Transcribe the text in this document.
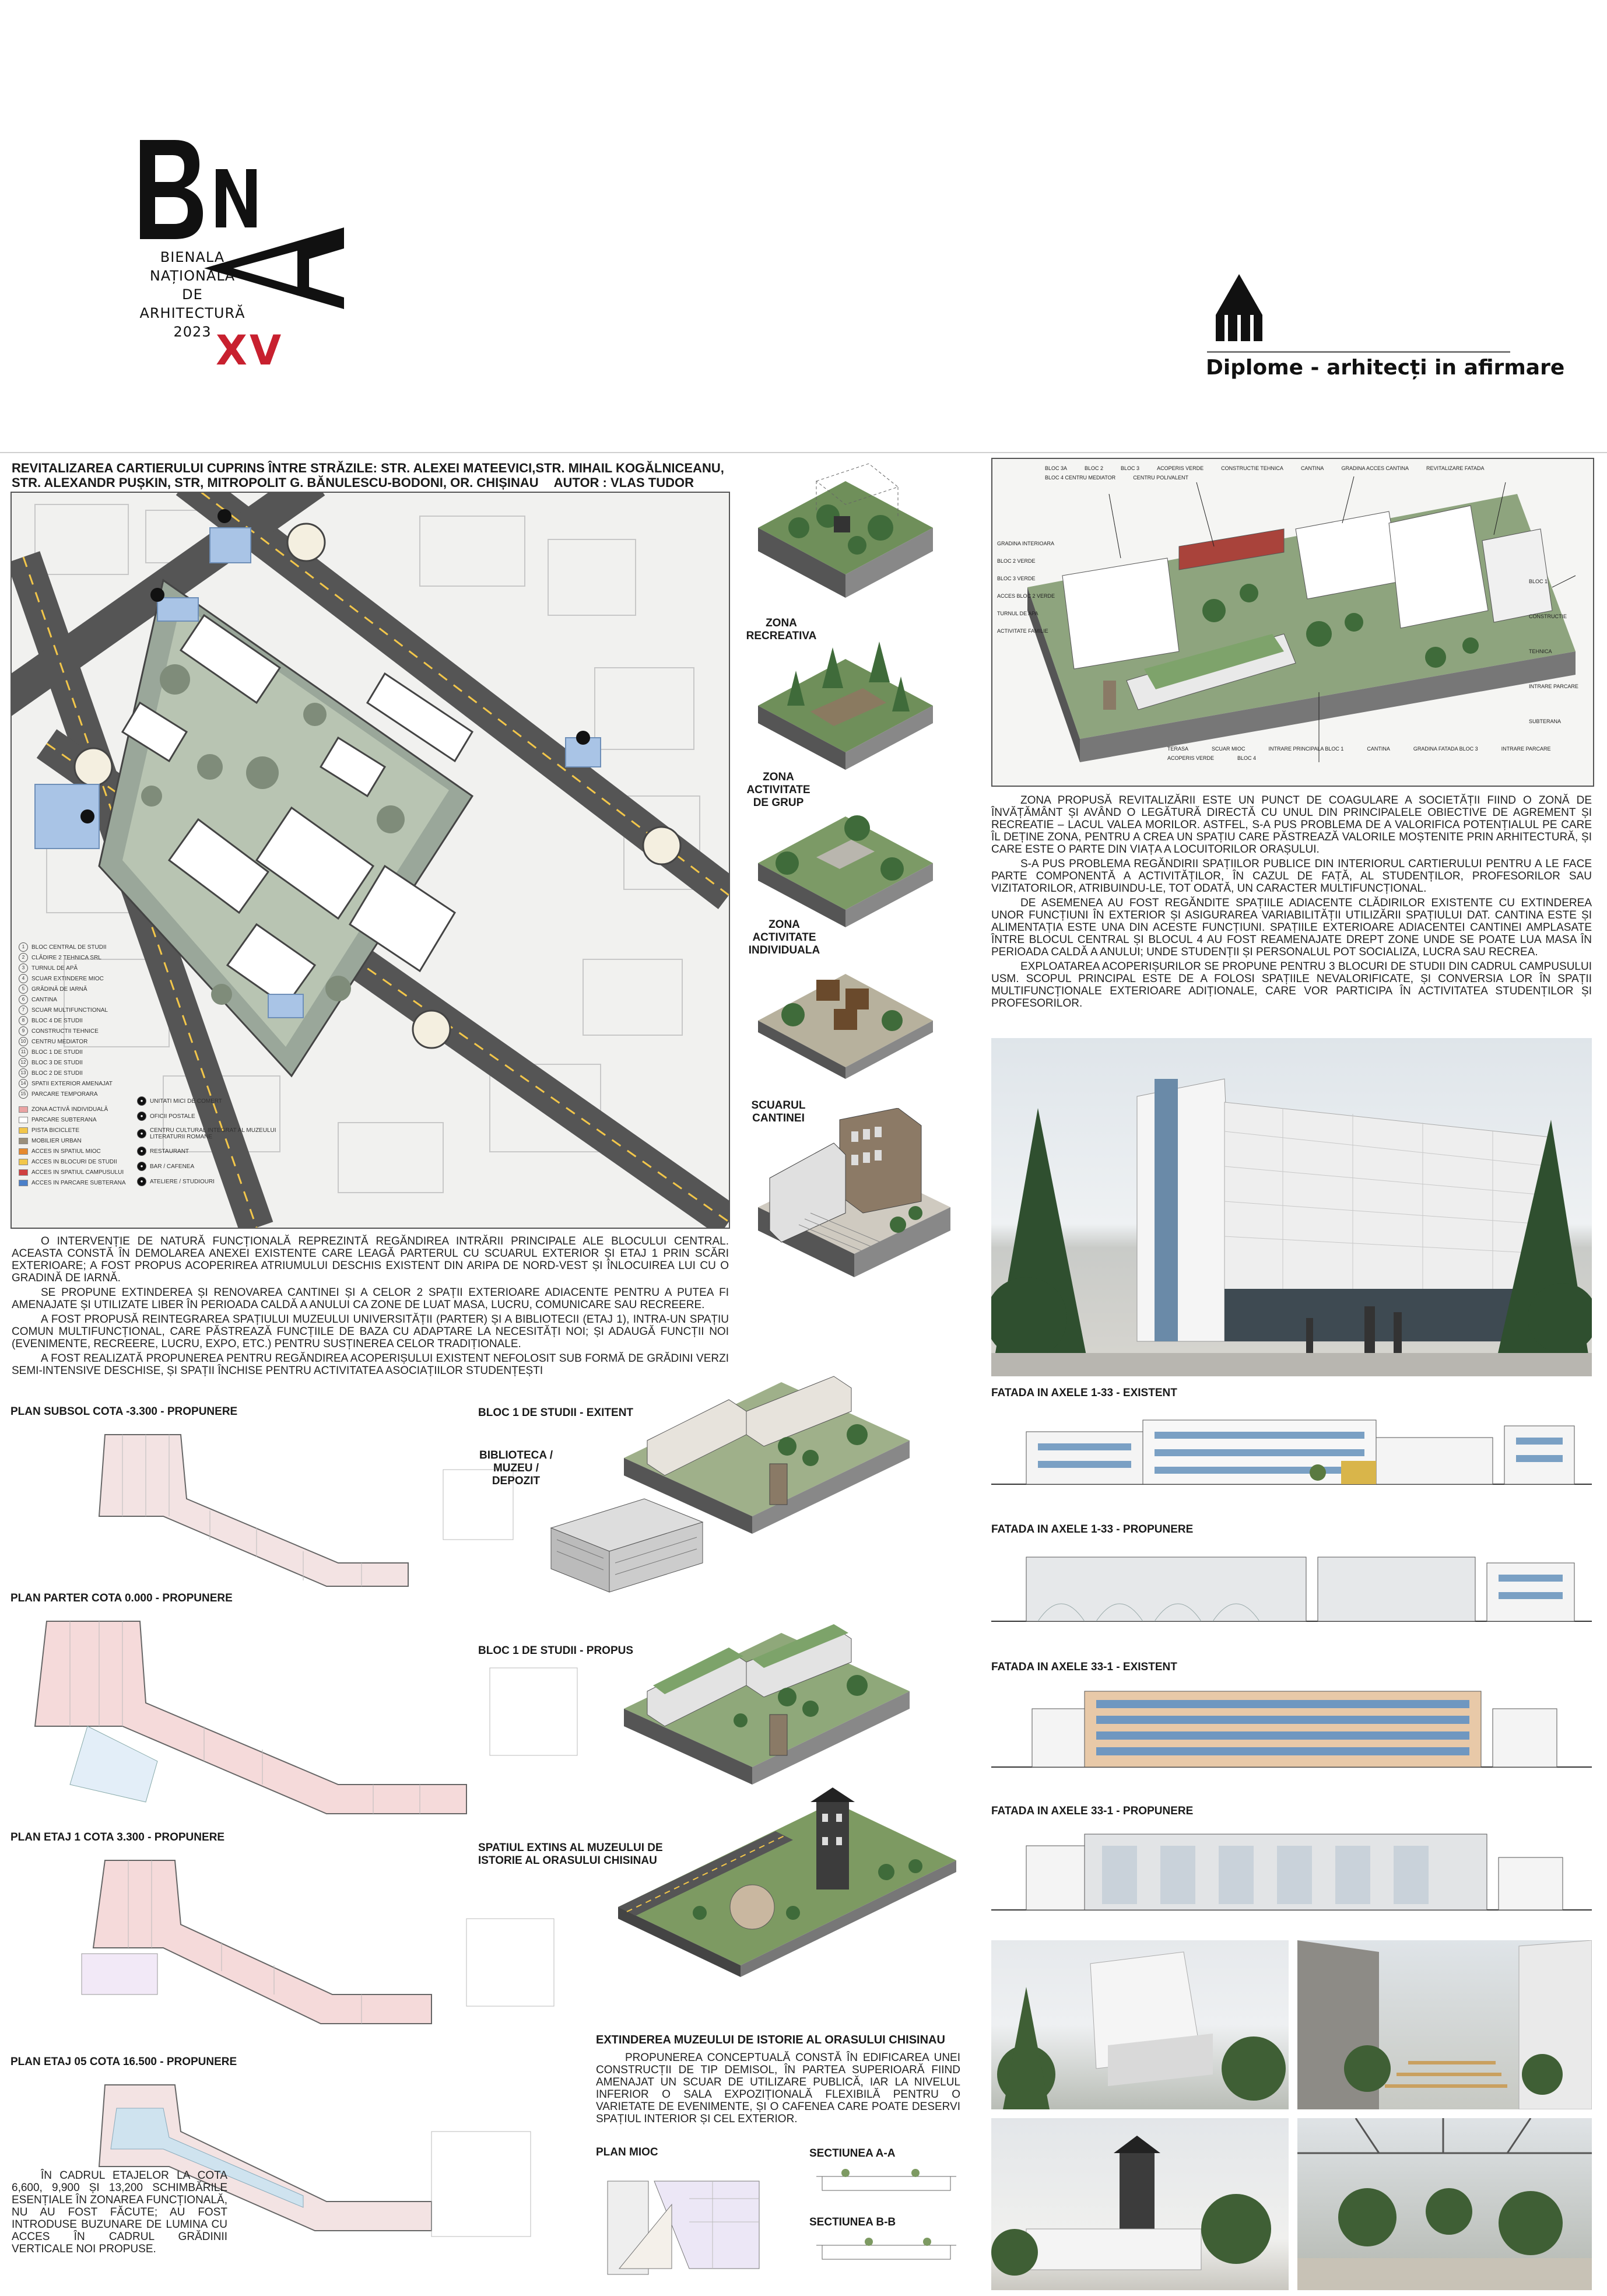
BIENALA
NAȚIONALĂ
DE
ARHITECTURĂ
2023 XV	Diplome - arhitecți in afirmare
REVITALIZAREA CARTIERULUI CUPRINS ÎNTRE STRĂZILE: STR. ALEXEI MATEEVICI,STR. MIHAIL KOGĂLNICEANU,
STR. ALEXANDR PUȘKIN, STR, MITROPOLIT G. BĂNULESCU-BODONI, OR. CHIȘINAU AUTOR : VLAS TUDOR
1	BLOC CENTRAL DE STUDII
2	CLĂDIRE 2 TEHNICA SRL
3	TURNUL DE APĂ
4	SCUAR EXTINDERE MIOC
5	GRĂDINĂ DE IARNĂ
6	CANTINA
7	SCUAR MULTIFUNCTIONAL
8	BLOC 4 DE STUDII
9	CONSTRUCTII TEHNICE
10 CENTRU MEDIATOR
11 BLOC 1 DE STUDII
12 BLOC 3 DE STUDII
13 BLOC 2 DE STUDII
14 SPATII EXTERIOR AMENAJAT
15 PARCARE TEMPORARA
ZONA ACTIVĂ INDIVIDUALĂ
PARCARE SUBTERANA
PISTA BICICLETE
MOBILIER URBAN
ACCES IN SPATIUL MIOC
ACCES IN BLOCURI DE STUDII
ACCES IN SPATIUL CAMPUSULUI
ACCES IN PARCARE SUBTERANA
●	UNITATI MICI DE COMERT
●	OFICII POSTALE
●	CENTRU CULTURAL INTEGRAT AL MUZEULUI LITERATURII ROMANE
●	RESTAURANT
●	BAR / CAFENEA
●	ATELIERE / STUDIOURI

O INTERVENȚIE DE NATURĂ FUNCȚIONALĂ REPREZINTĂ REGĂNDIREA INTRĂRII PRINCIPALE ALE BLOCULUI CENTRAL. ACEASTA CONSTĂ ÎN DEMOLAREA ANEXEI EXISTENTE CARE LEAGĂ PARTERUL CU SCUARUL EXTERIOR ȘI ETAJ 1 PRIN SCĂRI EXTERIOARE; A FOST PROPUS ACOPERIREA ATRIUMULUI DESCHIS EXISTENT DIN ARIPA DE NORD-VEST ȘI ÎNLOCUIREA LUI CU O GRADINĂ DE IARNĂ.

SE PROPUNE EXTINDEREA ȘI RENOVAREA CANTINEI ȘI A CELOR 2 SPAȚII EXTERIOARE ADIACENTE PENTRU A PUTEA FI AMENAJATE ȘI UTILIZATE LIBER ÎN PERIOADA CALDĂ A ANULUI CA ZONE DE LUAT MASA, LUCRU, COMUNICARE SAU RECREERE.

A FOST PROPUSĂ REINTEGRAREA SPAȚIULUI MUZEULUI UNIVERSITĂȚII (PARTER) ȘI A BIBLIOTECII (ETAJ 1), INTRA-UN SPAȚIU COMUN MULTIFUNCȚIONAL, CARE PĂSTREAZĂ FUNCȚIILE DE BAZA CU ADAPTARE LA NECESITĂȚI NOI; ȘI ADAUGĂ FUNCȚII NOI (EVENIMENTE, RECREERE, LUCRU, EXPO, ETC.) PENTRU SUSȚINEREA CELOR TRADIȚIONALE.

A FOST REALIZATĂ PROPUNEREA PENTRU REGĂNDIREA ACOPERIȘULUI EXISTENT NEFOLOSIT SUB FORMĂ DE GRĂDINI VERZI SEMI-INTENSIVE DESCHISE, ȘI SPAȚII ÎNCHISE PENTRU ACTIVITATEA ASOCIAȚIILOR STUDENȚEȘTI

PLAN SUBSOL COTA -3.300 - PROPUNERE
PLAN PARTER COTA 0.000 - PROPUNERE
PLAN ETAJ 1 COTA 3.300 - PROPUNERE
PLAN ETAJ 05 COTA 16.500 - PROPUNERE
ÎN CADRUL ETAJELOR LA COTA 6,600, 9,900 ȘI 13,200 SCHIMBĂRILE ESENȚIALE ÎN ZONAREA FUNCȚIONALĂ, NU AU FOST FĂCUTE; AU FOST INTRODUSE BUZUNARE DE LUMINA CU ACCES ÎN CADRUL GRĂDINII VERTICALE NOI PROPUSE.
ZONA RECREATIVA
ZONA ACTIVITATE DE GRUP
ZONA ACTIVITATE INDIVIDUALA
SCUARUL CANTINEI
BLOC 1 DE STUDII - EXITENT
BIBLIOTECA / MUZEU / DEPOZIT
BLOC 1 DE STUDII - PROPUS
SPATIUL EXTINS AL MUZEULUI DE ISTORIE AL ORASULUI CHISINAU
EXTINDEREA MUZEULUI DE ISTORIE AL ORASULUI CHISINAU
PROPUNEREA CONCEPTUALĂ CONSTĂ ÎN EDIFICAREA UNEI CONSTRUCȚII DE TIP DEMISOL, ÎN PARTEA SUPERIOARĂ FIIND AMENAJAT UN SCUAR DE UTILIZARE PUBLICĂ, IAR LA NIVELUL INFERIOR O SALA EXPOZIȚIONALĂ FLEXIBILĂ PENTRU O VARIETATE DE EVENIMENTE, ȘI O CAFENEA CARE POATE DESERVI SPAȚIUL INTERIOR ȘI CEL EXTERIOR.
PLAN MIOC	SECTIUNEA A-A
SECTIUNEA B-B
BLOC 3A	BLOC 2	BLOC 3	ACOPERIS VERDE	CONSTRUCTIE TEHNICA	CANTINA	GRADINA ACCES CANTINA	REVITALIZARE FATADA
BLOC 4 CENTRU MEDIATOR	CENTRU POLIVALENT
GRADINA INTERIOARA
BLOC 2 VERDE
BLOC 3 VERDE
ACCES BLOC 2 VERDE
TURNUL DE APA
ACTIVITATE FAMILIE
BLOC 1
CONSTRUCTIE TEHNICA
INTRARE PARCARE SUBTERANA
TERASA	SCUAR MIOC	INTRARE PRINCIPALA BLOC 1	CANTINA	GRADINA FATADA BLOC 3	INTRARE PARCARE
ACOPERIS VERDE	BLOC 4

ZONA PROPUSĂ REVITALIZĂRII ESTE UN PUNCT DE COAGULARE A SOCIETĂȚII FIIND O ZONĂ DE ÎNVĂȚĂMÂNT ȘI AVÂND O LEGĂTURĂ DIRECTĂ CU UNUL DIN PRINCIPALELE OBIECTIVE DE AGREMENT ȘI RECREATIE – LACUL VALEA MORILOR. ASTFEL, S-A PUS PROBLEMA DE A VALORIFICA POTENȚIALUL PE CARE ÎL DEȚINE ZONA, PENTRU A CREA UN SPAȚIU CARE PĂSTREAZĂ VALORILE MOȘTENITE PRIN ARHITECTURĂ, ȘI CARE ESTE O PARTE DIN VIAȚA A LOCUITORILOR ORAȘULUI.

S-A PUS PROBLEMA REGĂNDIRII SPAȚIILOR PUBLICE DIN INTERIORUL CARTIERULUI PENTRU A LE FACE PARTE COMPONENTĂ A ACTIVITĂȚILOR, ÎN CAZUL DE FAȚĂ, AL STUDENȚILOR, PROFESORILOR SAU VIZITATORILOR, ATRIBUINDU-LE, TOT ODATĂ, UN CARACTER MULTIFUNCȚIONAL.

DE ASEMENEA AU FOST REGĂNDITE SPAȚIILE ADIACENTE CLĂDIRILOR EXISTENTE CU EXTINDEREA UNOR FUNCȚIUNI ÎN EXTERIOR ȘI ASIGURAREA VARIABILITĂȚII UTILIZĂRII SPAȚIULUI DAT. CANTINA ESTE ȘI ALIMENTAȚIA ESTE UNA DIN ACESTE FUNCȚIUNI. SPAȚIILE EXTERIOARE ADIACENTEI CANTINEI AMPLASATE ÎNTRE BLOCUL CENTRAL ȘI BLOCUL 4 AU FOST REAMENAJATE DREPT ZONE UNDE SE POATE LUA MASA ÎN PERIOADA CALDĂ A ANULUI; UNDE STUDENȚII ȘI PERSONALUL POT SOCIALIZA, LUCRA SAU RECREA.

EXPLOATAREA ACOPERIȘURILOR SE PROPUNE PENTRU 3 BLOCURI DE STUDII DIN CADRUL CAMPUSULUI USM. SCOPUL PRINCIPAL ESTE DE A FOLOSI SPAȚIILE NEVALORIFICATE, ȘI CONVERSIA LOR ÎN SPAȚII MULTIFUNCȚIONALE EXTERIOARE ADIȚIONALE, CARE VOR PARTICIPA ÎN ACTIVITATEA STUDENȚILOR ȘI PROFESORILOR.

FATADA IN AXELE 1-33 - EXISTENT
FATADA IN AXELE 1-33 - PROPUNERE
FATADA IN AXELE 33-1 - EXISTENT
FATADA IN AXELE 33-1 - PROPUNERE
